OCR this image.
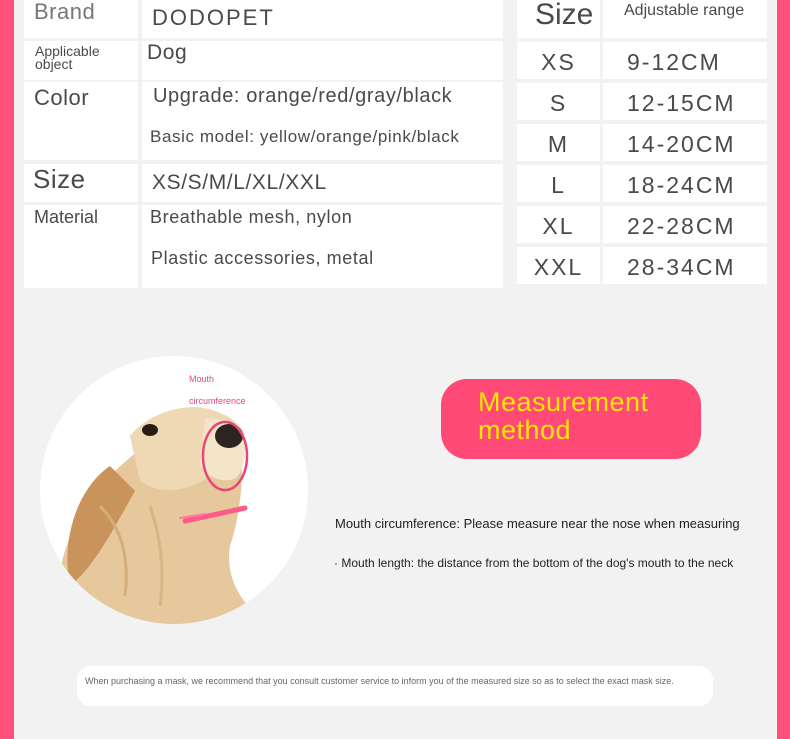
Brand	DODOPET
Applicable
object	Dog
Color	Upgrade: orange/red/gray/black
Basic model: yellow/orange/pink/black
Size	XS/S/M/L/XL/XXL
Material	Breathable mesh, nylon
Plastic accessories, metal
Size	Adjustable range
XS	9-12CM
S	12-15CM
M	14-20CM
L	18-24CM
XL	22-28CM
XXL	28-34CM
Mouth
circumference	Measurement
method
Mouth circumference: Please measure near the nose when measuring
· Mouth length: the distance from the bottom of the dog's mouth to the neck
When purchasing a mask, we recommend that you consult customer service to inform you of the measured size so as to select the exact mask size.
